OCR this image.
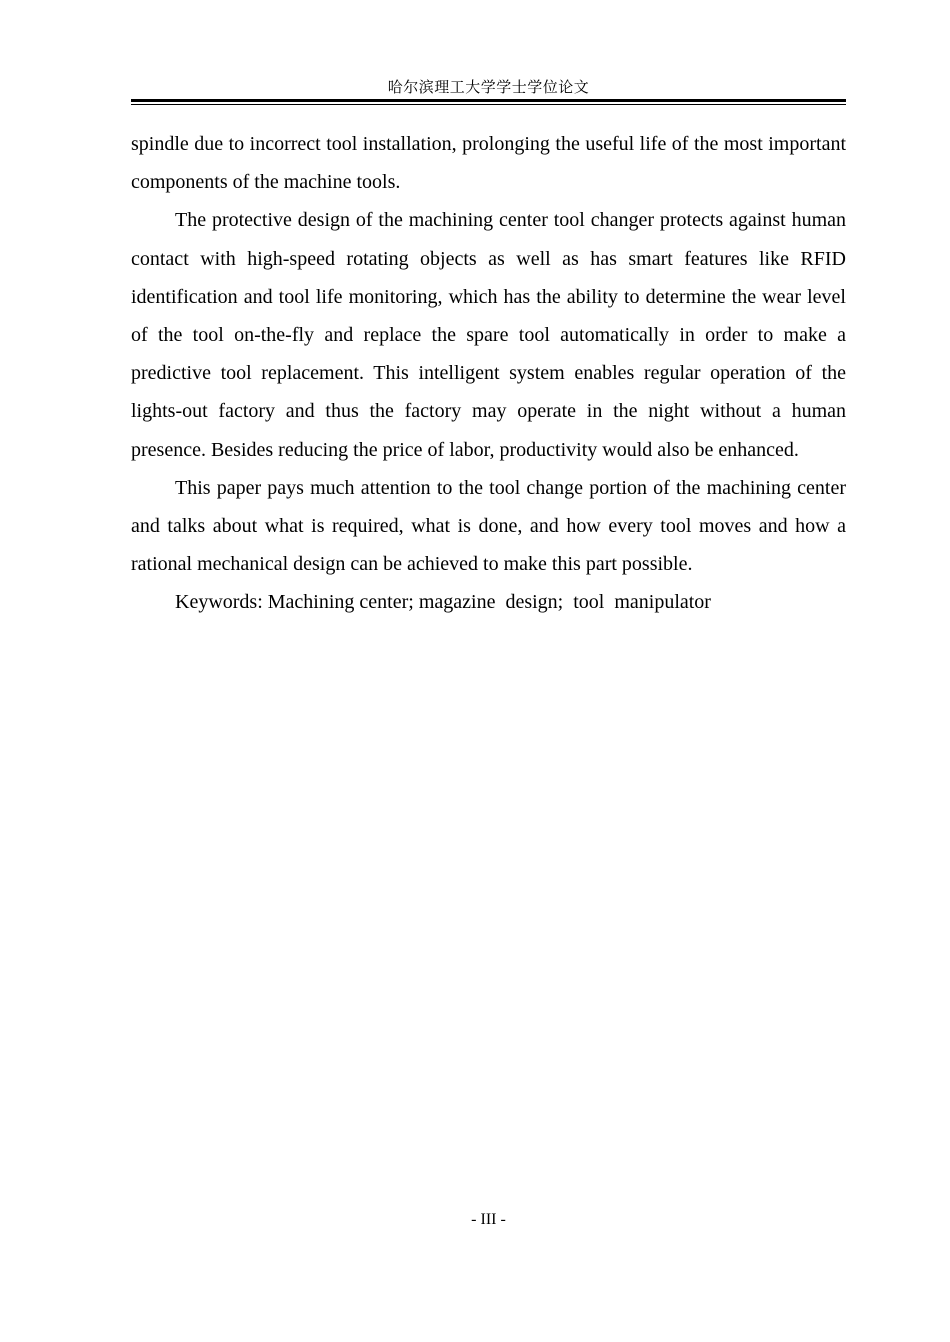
哈尔滨理工大学学士学位论文

spindle due to incorrect tool installation, prolonging the useful life of the most important components of the machine tools.

The protective design of the machining center tool changer protects against human contact with high-speed rotating objects as well as has smart features like RFID identification and tool life monitoring, which has the ability to determine the wear level of the tool on-the-fly and replace the spare tool automatically in order to make a predictive tool replacement. This intelligent system enables regular operation of the lights-out factory and thus the factory may operate in the night without a human presence. Besides reducing the price of labor, productivity would also be enhanced.

This paper pays much attention to the tool change portion of the machining center and talks about what is required, what is done, and how every tool moves and how a rational mechanical design can be achieved to make this part possible.

Keywords: Machining center; magazine  design;  tool  manipulator

- III -
